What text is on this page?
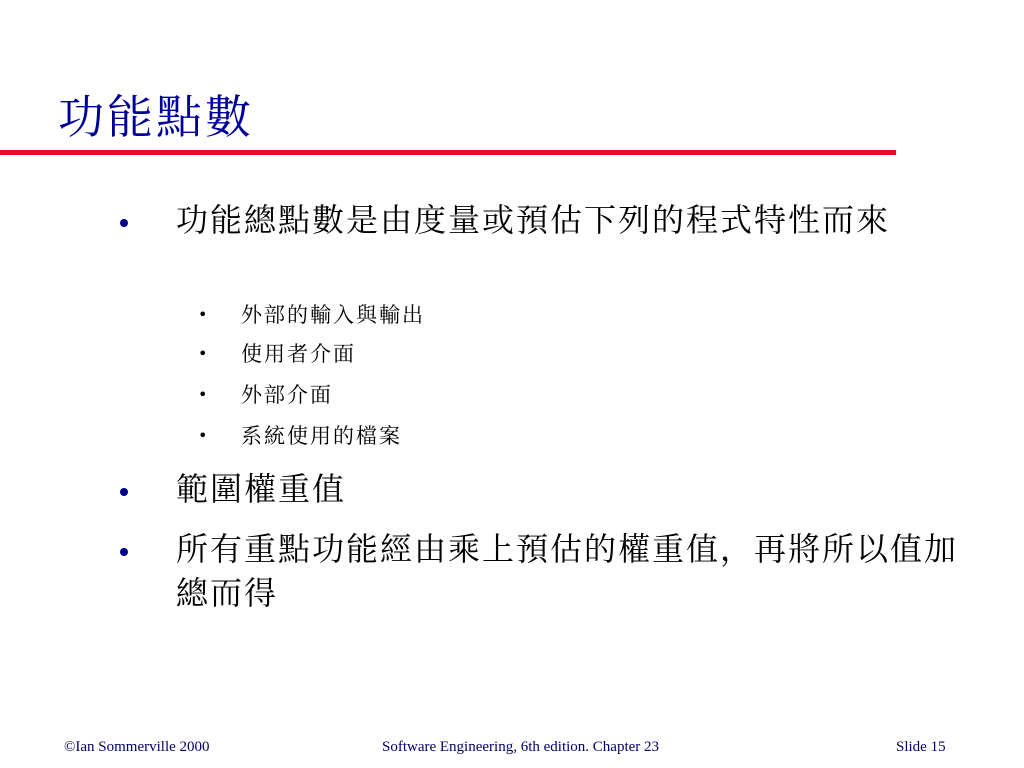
功能點數
功能總點數是由度量或預估下列的程式特性而來
• 外部的輸入與輸出
• 使用者介面
• 外部介面
• 系統使用的檔案
範圍權重值
所有重點功能經由乘上預估的權重值，再將所以值加總而得
©Ian Sommerville 2000	Software Engineering, 6th edition. Chapter 23	Slide 15
